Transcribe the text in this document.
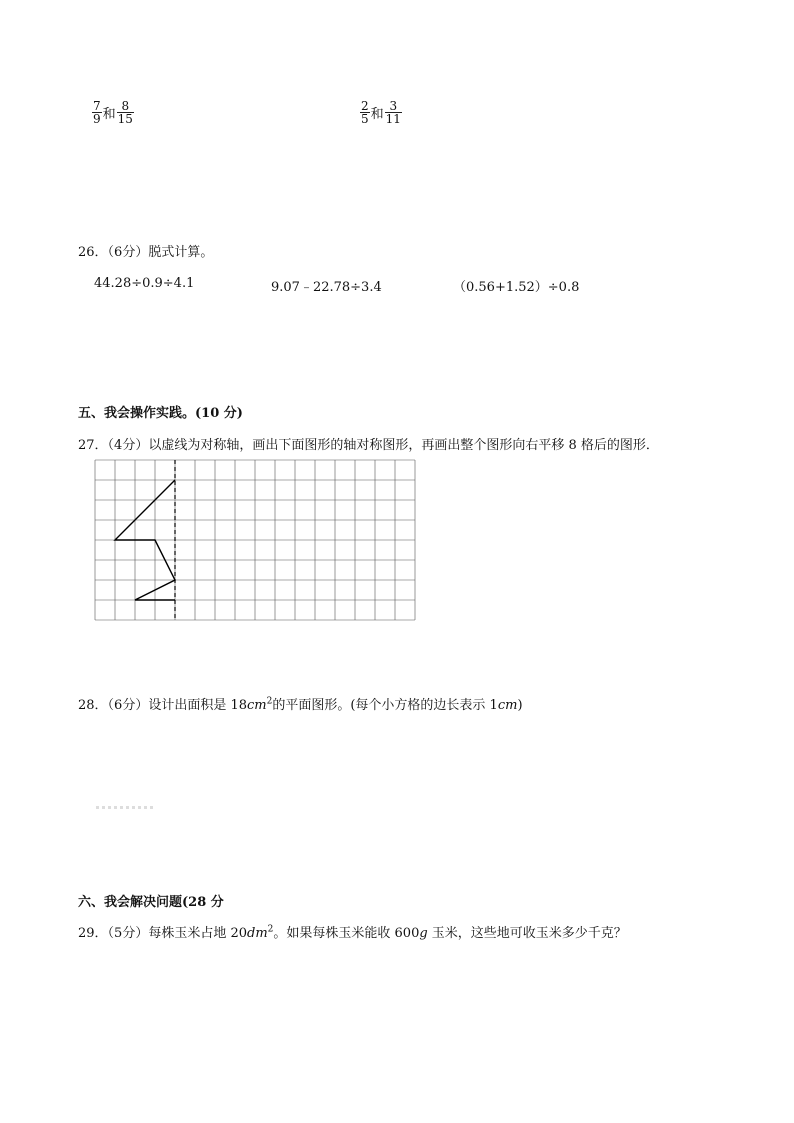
$\frac{7}{9}$ 和 $\frac{8}{15}$	$\frac{2}{5}$ 和 $\frac{3}{11}$
26．（6分）脱式计算。
44.28÷0.9÷4.1	9.07﹣22.78÷3.4	（0.56+1.52）÷0.8
五、我会操作实践。(10 分)
27．（4分）以虚线为对称轴，画出下面图形的轴对称图形，再画出整个图形向右平移 8 格后的图形．
28．（6分）设计出面积是 $18cm^2$的平面图形。(每个小方格的边长表示 1cm)
六、我会解决问题(28 分
29．（5分）每株玉米占地 $20dm^2$。如果每株玉米能收 600g 玉米，这些地可收玉米多少千克？
